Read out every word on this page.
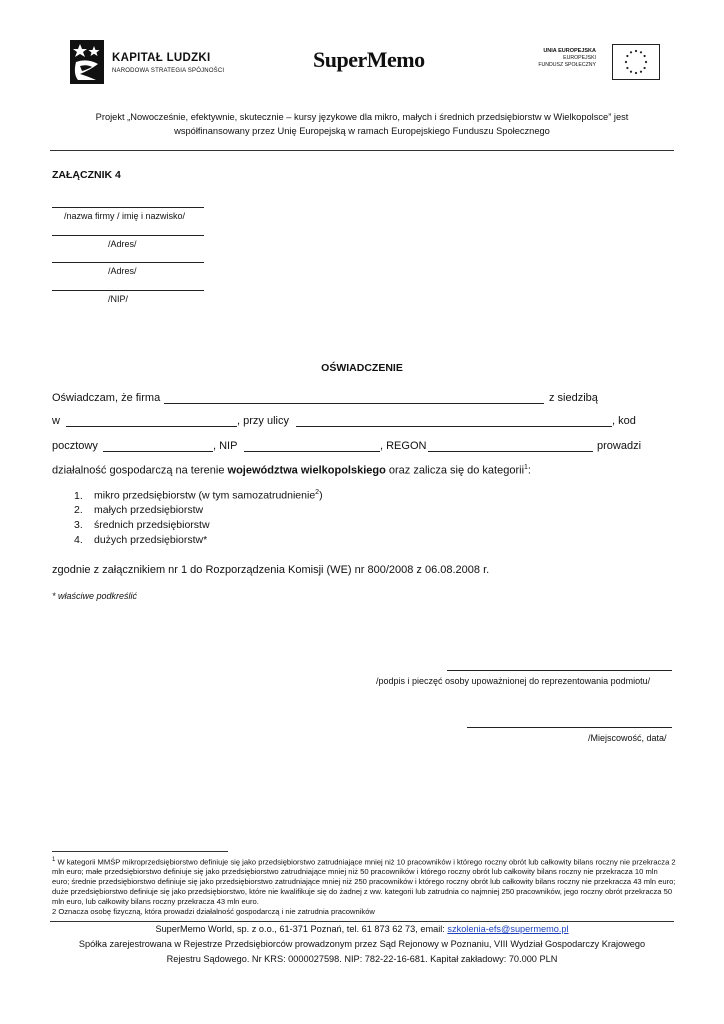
KAPITAŁ LUDZKI
NARODOWA STRATEGIA SPÓJNOŚCI	SuperMemo	UNIA EUROPEJSKA
EUROPEJSKI
FUNDUSZ SPOŁECZNY
Projekt „Nowocześnie, efektywnie, skutecznie – kursy językowe dla mikro, małych i średnich przedsiębiorstw w Wielkopolsce” jest
współfinansowany przez Unię Europejską w ramach Europejskiego Funduszu Społecznego
ZAŁĄCZNIK 4
/nazwa firmy / imię i nazwisko/
/Adres/
/Adres/
/NIP/
OŚWIADCZENIE
Oświadczam, że firma	z siedzibą
w	, przy ulicy	, kod
pocztowy	, NIP	, REGON	prowadzi
działalność gospodarczą na terenie województwa wielkopolskiego oraz zalicza się do kategorii$^1$:
1. mikro przedsiębiorstw (w tym samozatrudnienie$^2$)
2. małych przedsiębiorstw
3. średnich przedsiębiorstw
4. dużych przedsiębiorstw*
zgodnie z załącznikiem nr 1 do Rozporządzenia Komisji (WE) nr 800/2008 z 06.08.2008 r.
* właściwe podkreślić
/podpis i pieczęć osoby upoważnionej do reprezentowania podmiotu/
/Miejscowość, data/
$^1$ W kategorii MMŚP mikroprzedsiębiorstwo definiuje się jako przedsiębiorstwo zatrudniające mniej niż 10 pracowników i którego roczny obrót lub całkowity bilans roczny nie przekracza 2 mln euro; małe przedsiębiorstwo definiuje się jako przedsiębiorstwo zatrudniające mniej niż 50 pracowników i którego roczny obrót lub całkowity bilans roczny nie przekracza 10 mln euro; średnie przedsiębiorstwo definiuje się jako przedsiębiorstwo zatrudniające mniej niż 250 pracowników i którego roczny obrót lub całkowity bilans roczny nie przekracza 43 mln euro; duże przedsiębiorstwo definiuje się jako przedsiębiorstwo, które nie kwalifikuje się do żadnej z ww. kategorii lub zatrudnia co najmniej 250 pracowników, jego roczny obrót przekracza 50 mln euro, lub całkowity bilans roczny przekracza 43 mln euro.
2 Oznacza osobę fizyczną, która prowadzi działalność gospodarczą i nie zatrudnia pracowników
SuperMemo World, sp. z o.o., 61-371 Poznań, tel. 61 873 62 73, email: szkolenia-efs@supermemo.pl
Spółka zarejestrowana w Rejestrze Przedsiębiorców prowadzonym przez Sąd Rejonowy w Poznaniu, VIII Wydział Gospodarczy Krajowego
Rejestru Sądowego. Nr KRS: 0000027598. NIP: 782-22-16-681. Kapitał zakładowy: 70.000 PLN
